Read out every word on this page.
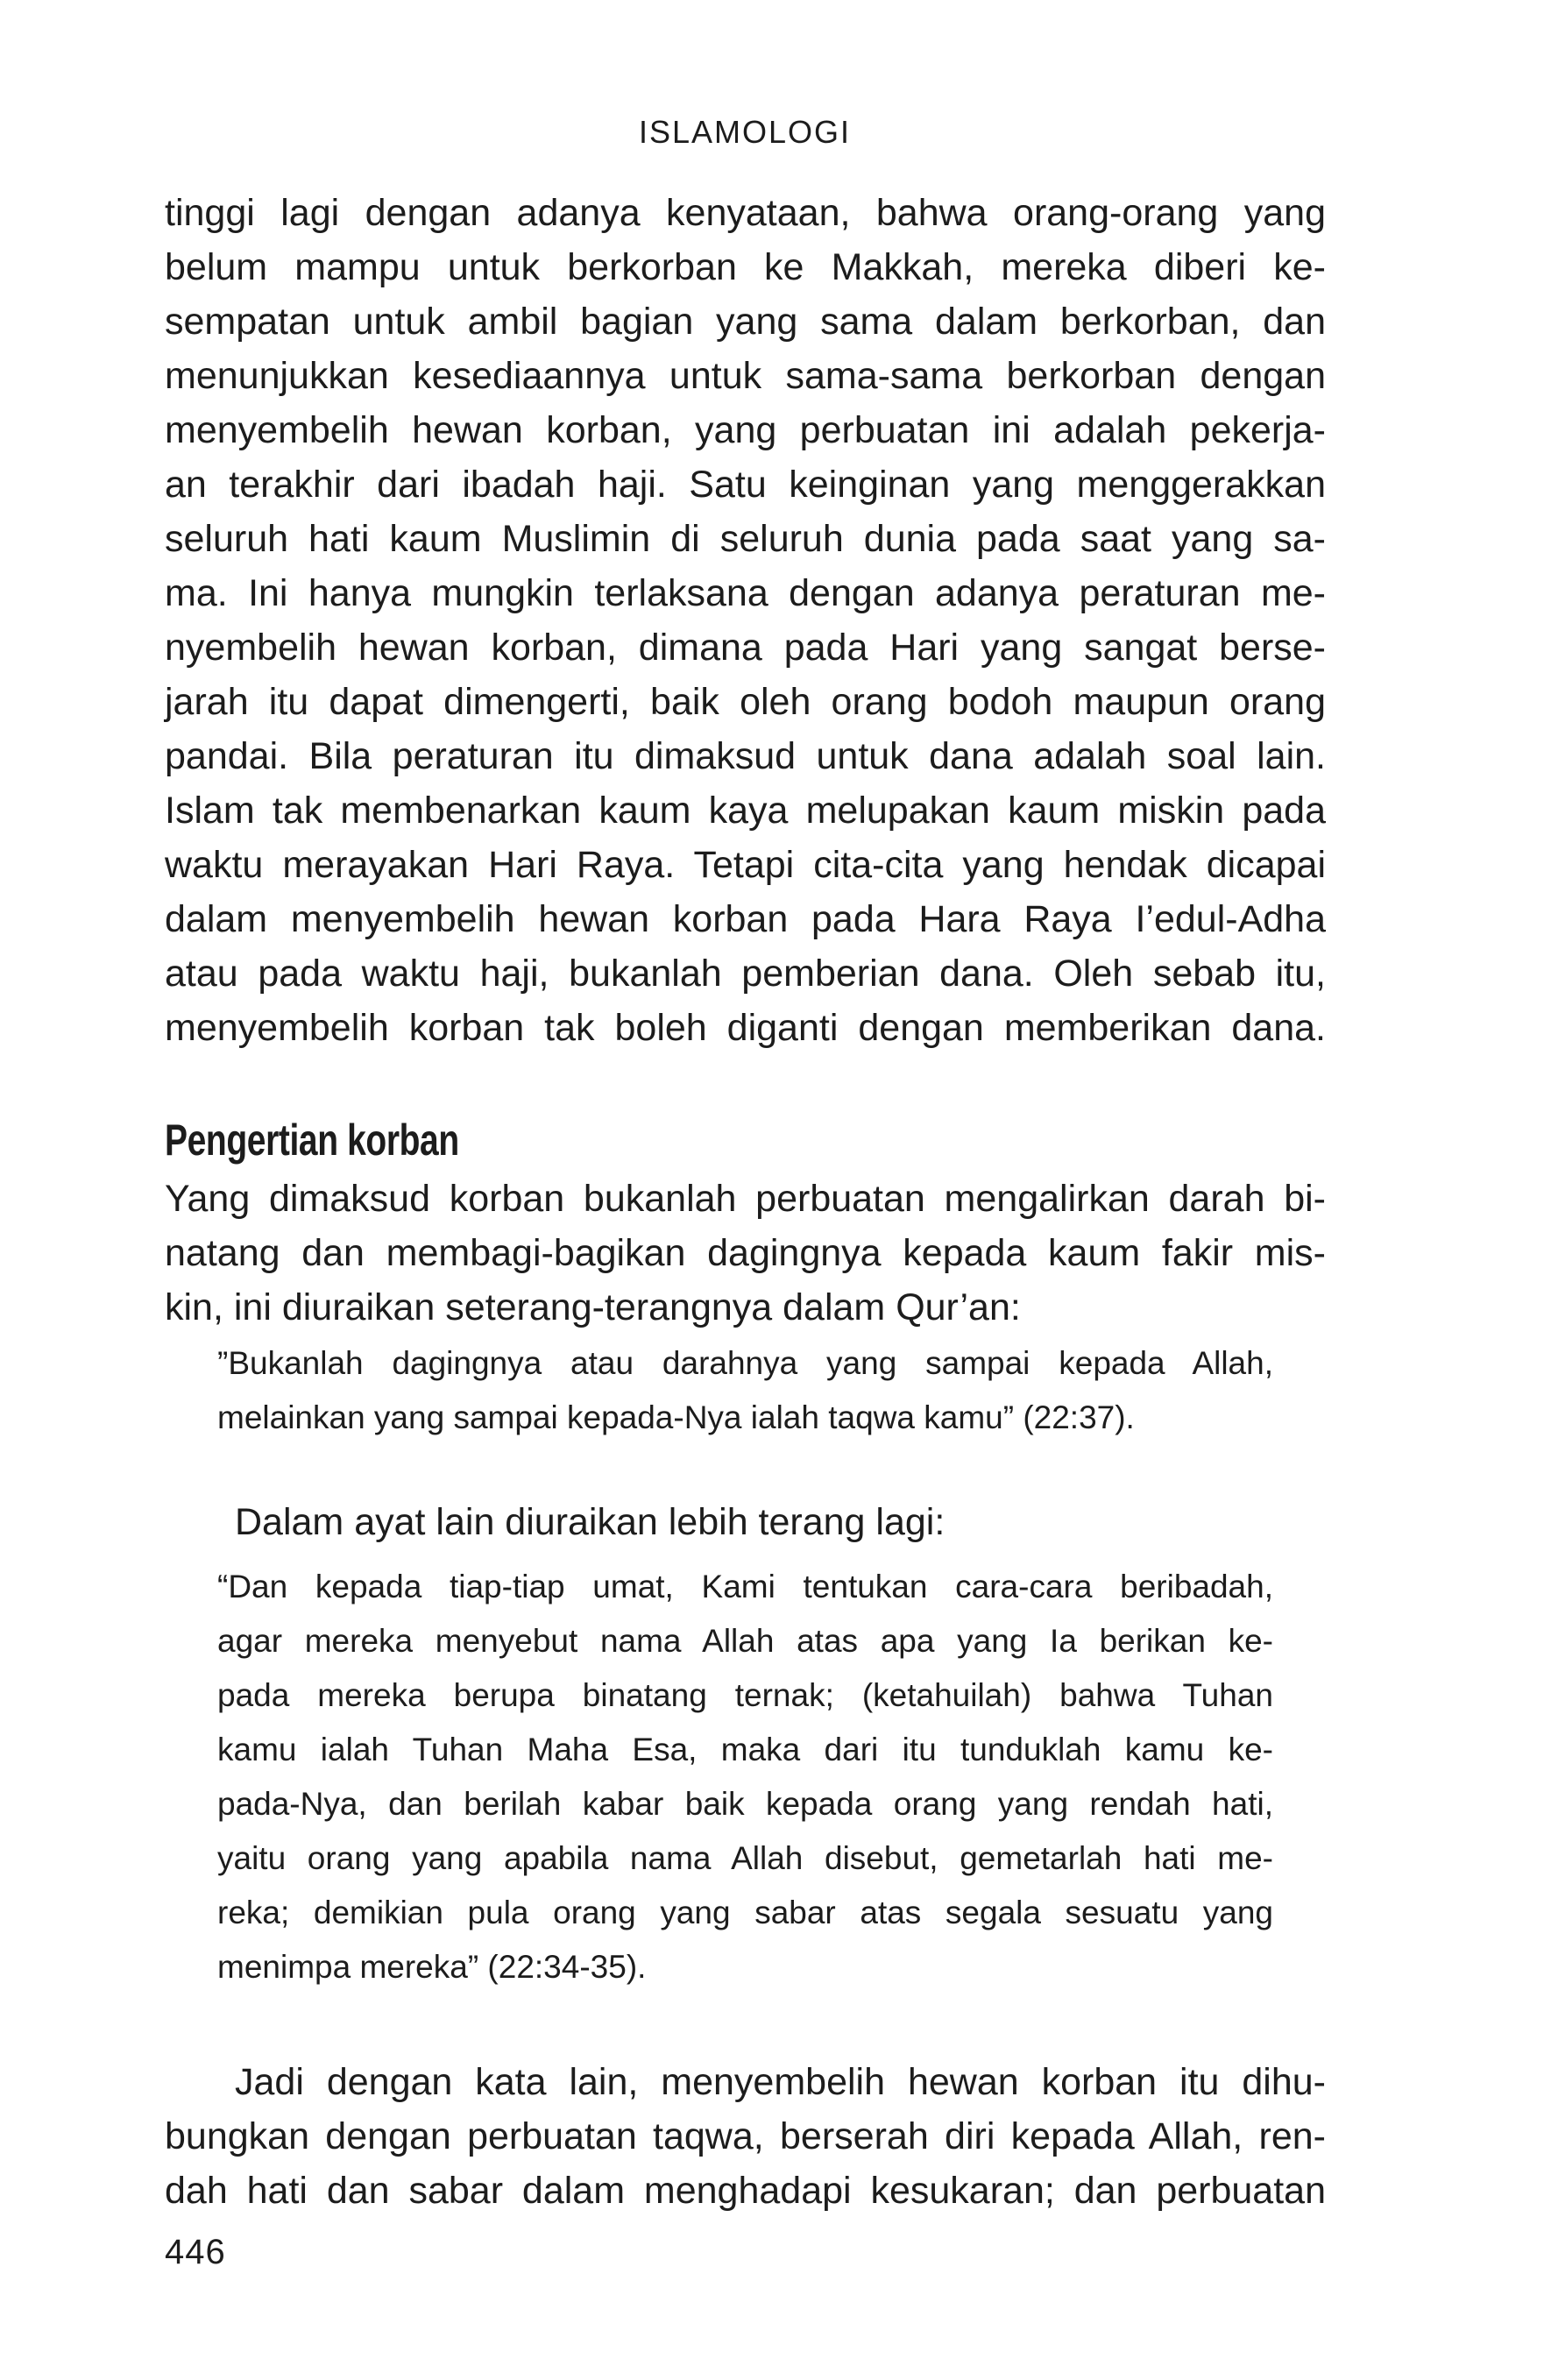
ISLAMOLOGI
tinggi lagi dengan adanya kenyataan, bahwa orang-orang yang
belum mampu untuk berkorban ke Makkah, mereka diberi ke-
sempatan untuk ambil bagian yang sama dalam berkorban, dan
menunjukkan kesediaannya untuk sama-sama berkorban dengan
menyembelih hewan korban, yang perbuatan ini adalah pekerja-
an terakhir dari ibadah haji. Satu keinginan yang menggerakkan
seluruh hati kaum Muslimin di seluruh dunia pada saat yang sa-
ma. Ini hanya mungkin terlaksana dengan adanya peraturan me-
nyembelih hewan korban, dimana pada Hari yang sangat berse-
jarah itu dapat dimengerti, baik oleh orang bodoh maupun orang
pandai. Bila peraturan itu dimaksud untuk dana adalah soal lain.
Islam tak membenarkan kaum kaya melupakan kaum miskin pada
waktu merayakan Hari Raya. Tetapi cita-cita yang hendak dicapai
dalam menyembelih hewan korban pada Hara Raya I’edul-Adha
atau pada waktu haji, bukanlah pemberian dana. Oleh sebab itu,
menyembelih korban tak boleh diganti dengan memberikan dana.
Pengertian korban
Yang dimaksud korban bukanlah perbuatan mengalirkan darah bi-
natang dan membagi-bagikan dagingnya kepada kaum fakir mis-
kin, ini diuraikan seterang-terangnya dalam Qur’an:
”Bukanlah dagingnya atau darahnya yang sampai kepada Allah,
melainkan yang sampai kepada-Nya ialah taqwa kamu” (22:37).
Dalam ayat lain diuraikan lebih terang lagi:
“Dan kepada tiap-tiap umat, Kami tentukan cara-cara beribadah,
agar mereka menyebut nama Allah atas apa yang Ia berikan ke-
pada mereka berupa binatang ternak; (ketahuilah) bahwa Tuhan
kamu ialah Tuhan Maha Esa, maka dari itu tunduklah kamu ke-
pada-Nya, dan berilah kabar baik kepada orang yang rendah hati,
yaitu orang yang apabila nama Allah disebut, gemetarlah hati me-
reka; demikian pula orang yang sabar atas segala sesuatu yang
menimpa mereka” (22:34-35).
Jadi dengan kata lain, menyembelih hewan korban itu dihu-
bungkan dengan perbuatan taqwa, berserah diri kepada Allah, ren-
dah hati dan sabar dalam menghadapi kesukaran; dan perbuatan
446
